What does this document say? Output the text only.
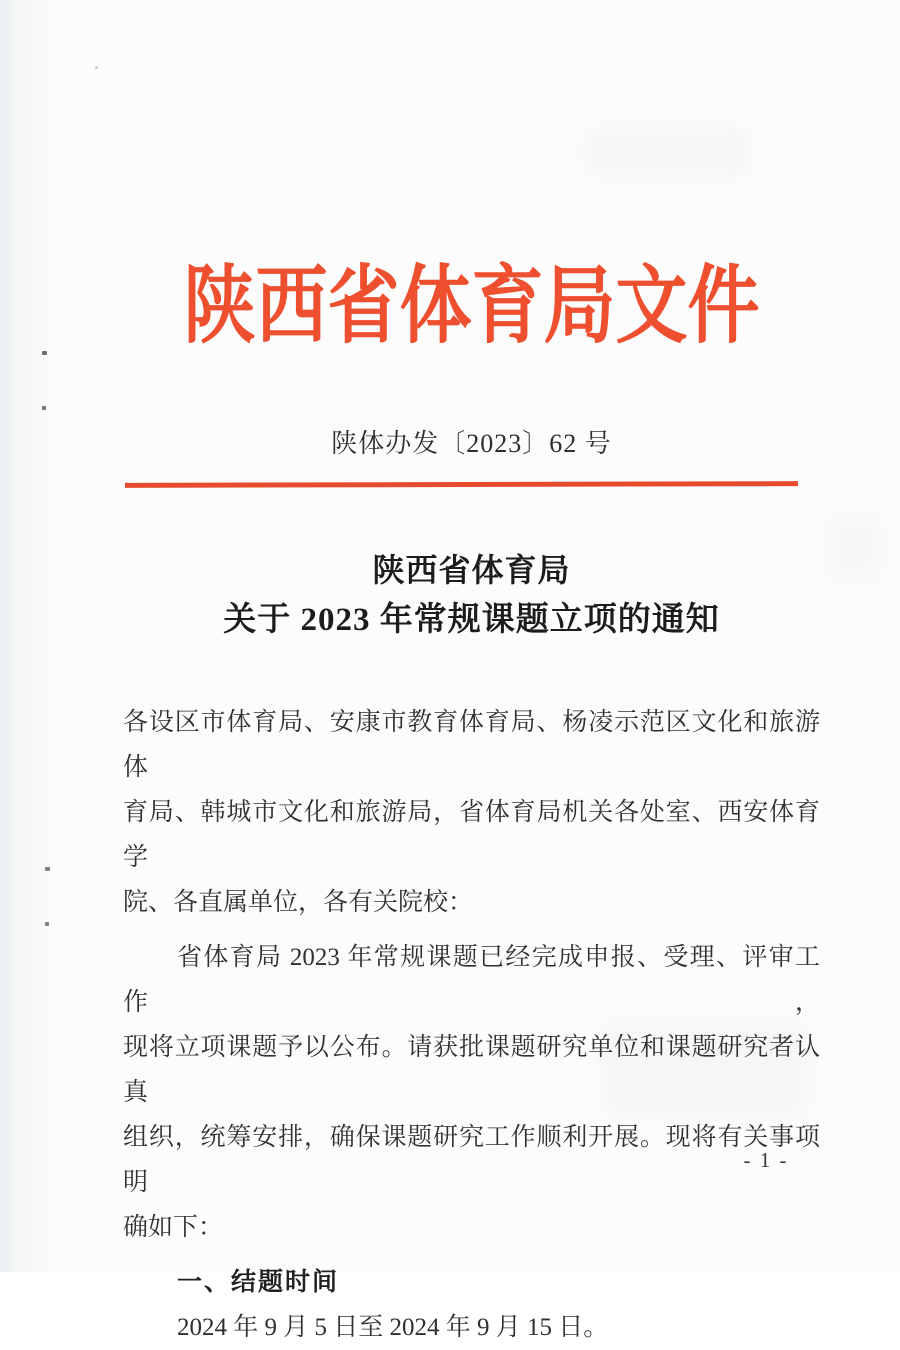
陕西省体育局文件
陕体办发〔2023〕62 号
陕西省体育局
关于 2023 年常规课题立项的通知

各设区市体育局、安康市教育体育局、杨凌示范区文化和旅游体
育局、韩城市文化和旅游局，省体育局机关各处室、西安体育学
院、各直属单位，各有关院校：

省体育局 2023 年常规课题已经完成申报、受理、评审工作，
现将立项课题予以公布。请获批课题研究单位和课题研究者认真
组织，统筹安排，确保课题研究工作顺利开展。现将有关事项明
确如下：

一、结题时间

2024 年 9 月 5 日至 2024 年 9 月 15 日。

- 1 -
